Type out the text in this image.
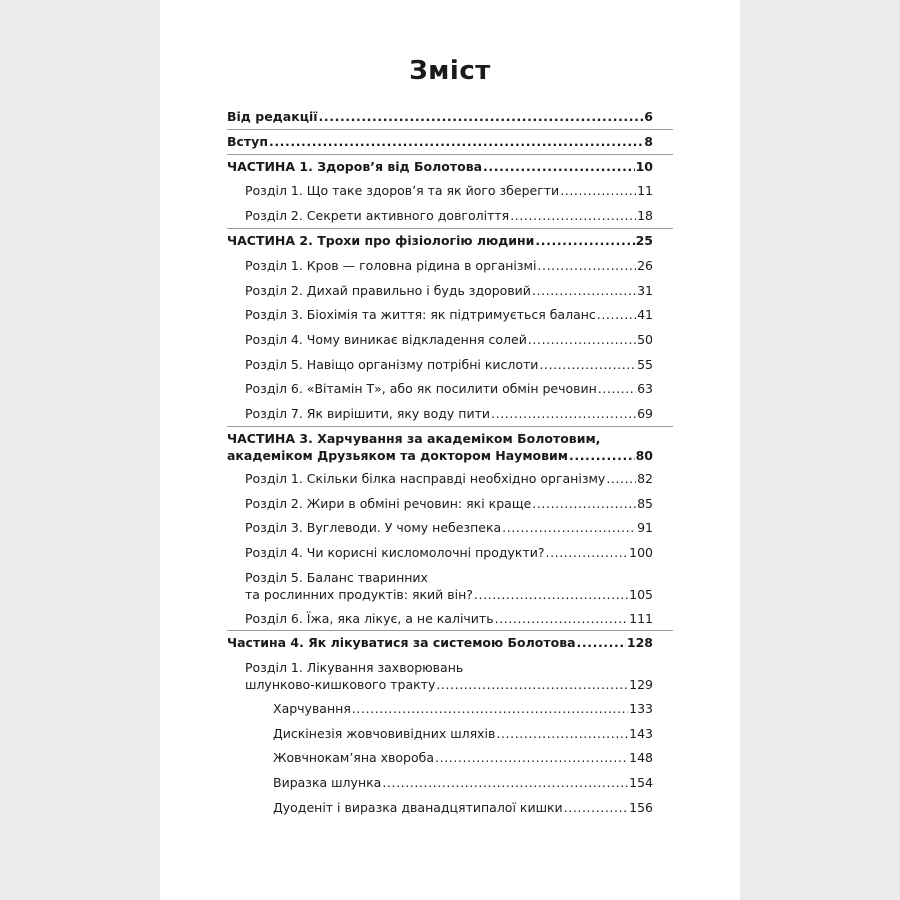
Зміст
Від редакції .....	6
Вступ .....	8
ЧАСТИНА 1. Здоров’я від Болотова .....	10
Розділ 1. Що таке здоров’я та як його зберегти .....	11
Розділ 2. Секрети активного довголіття .....	18
ЧАСТИНА 2. Трохи про фізіологію людини .....	25
Розділ 1. Кров — головна рідина в організмі .....	26
Розділ 2. Дихай правильно і будь здоровий .....	31
Розділ 3. Біохімія та життя: як підтримується баланс .....	41
Розділ 4. Чому виникає відкладення солей .....	50
Розділ 5. Навіщо організму потрібні кислоти .....	55
Розділ 6. «Вітамін Т», або як посилити обмін речовин .....	63
Розділ 7. Як вирішити, яку воду пити .....	69
ЧАСТИНА 3. Харчування за академіком Болотовим,
академіком Друзьяком та доктором Наумовим .....	80
Розділ 1. Скільки білка насправді необхідно організму .....	82
Розділ 2. Жири в обміні речовин: які краще .....	85
Розділ 3. Вуглеводи. У чому небезпека .....	91
Розділ 4. Чи корисні кисломолочні продукти? .....	100
Розділ 5. Баланс тваринних
та рослинних продуктів: який він? .....	105
Розділ 6. Їжа, яка лікує, а не калічить .....	111
Частина 4. Як лікуватися за системою Болотова .....	128
Розділ 1. Лікування захворювань
шлунково-кишкового тракту .....	129
Харчування .....	133
Дискінезія жовчовивідних шляхів .....	143
Жовчнокам’яна хвороба .....	148
Виразка шлунка .....	154
Дуоденіт і виразка дванадцятипалої кишки .....	156
